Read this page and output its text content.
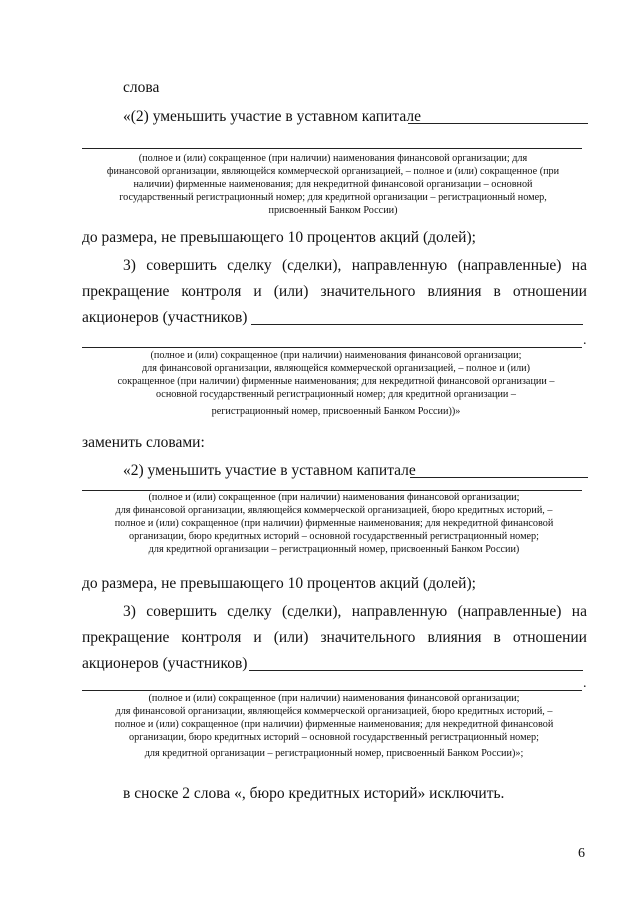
слова
«(2) уменьшить участие в уставном капитале
(полное и (или) сокращенное (при наличии) наименования финансовой организации; для
финансовой организации, являющейся коммерческой организацией, – полное и (или) сокращенное (при
наличии) фирменные наименования; для некредитной финансовой организации – основной
государственный регистрационный номер; для кредитной организации – регистрационный номер,
присвоенный Банком России)
до размера, не превышающего 10 процентов акций (долей);
3) совершить сделку (сделки), направленную (направленные) на
прекращение контроля и (или) значительного влияния в отношении
акционеров (участников)
.
(полное и (или) сокращенное (при наличии) наименования финансовой организации;
для финансовой организации, являющейся коммерческой организацией, – полное и (или)
сокращенное (при наличии) фирменные наименования; для некредитной финансовой организации –
основной государственный регистрационный номер; для кредитной организации –
регистрационный номер, присвоенный Банком России))»
заменить словами:
«2) уменьшить участие в уставном капитале
(полное и (или) сокращенное (при наличии) наименования финансовой организации;
для финансовой организации, являющейся коммерческой организацией, бюро кредитных историй, –
полное и (или) сокращенное (при наличии) фирменные наименования; для некредитной финансовой
организации, бюро кредитных историй – основной государственный регистрационный номер;
для кредитной организации – регистрационный номер, присвоенный Банком России)
до размера, не превышающего 10 процентов акций (долей);
3) совершить сделку (сделки), направленную (направленные) на
прекращение контроля и (или) значительного влияния в отношении
акционеров (участников)
.
(полное и (или) сокращенное (при наличии) наименования финансовой организации;
для финансовой организации, являющейся коммерческой организацией, бюро кредитных историй, –
полное и (или) сокращенное (при наличии) фирменные наименования; для некредитной финансовой
организации, бюро кредитных историй – основной государственный регистрационный номер;
для кредитной организации – регистрационный номер, присвоенный Банком России)»;
в сноске 2 слова «, бюро кредитных историй» исключить.
6
